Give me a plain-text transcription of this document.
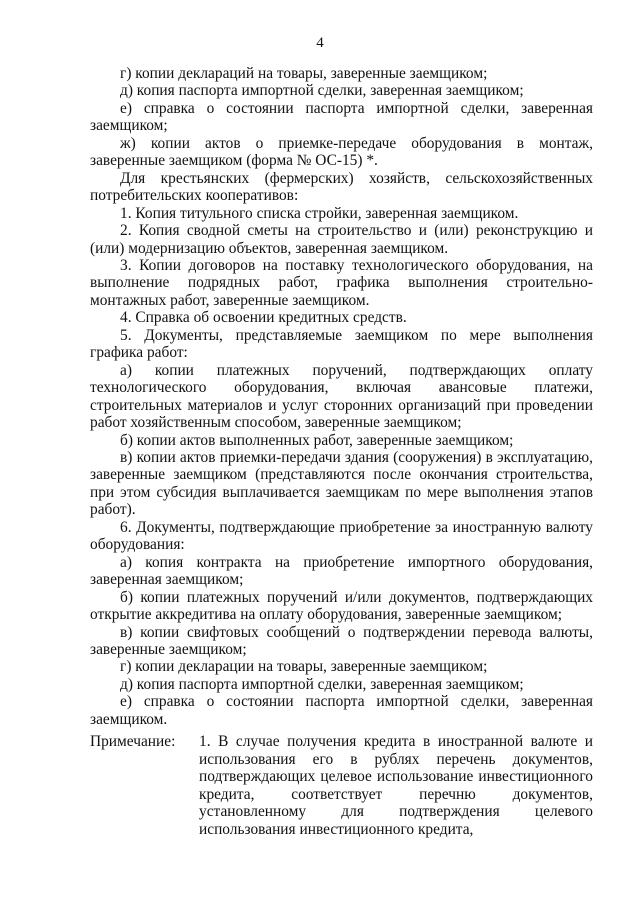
4

г) копии деклараций на товары, заверенные заемщиком;

д) копия паспорта импортной сделки, заверенная заемщиком;

е) справка о состоянии паспорта импортной сделки, заверенная заемщиком;

ж) копии актов о приемке-передаче оборудования в монтаж, заверенные заемщиком (форма № ОС-15) *.

Для крестьянских (фермерских) хозяйств, сельскохозяйственных потребительских кооперативов:

1. Копия титульного списка стройки, заверенная заемщиком.

2. Копия сводной сметы на строительство и (или) реконструкцию и (или) модернизацию объектов, заверенная заемщиком.

3. Копии договоров на поставку технологического оборудования, на выполнение подрядных работ, графика выполнения строительно-монтажных работ, заверенные заемщиком.

4. Справка об освоении кредитных средств.

5. Документы, представляемые заемщиком по мере выполнения графика работ:

а) копии платежных поручений, подтверждающих оплату технологического оборудования, включая авансовые платежи, строительных материалов и услуг сторонних организаций при проведении работ хозяйственным способом, заверенные заемщиком;

б) копии актов выполненных работ, заверенные заемщиком;

в) копии актов приемки-передачи здания (сооружения) в эксплуатацию, заверенные заемщиком (представляются после окончания строительства, при этом субсидия выплачивается заемщикам по мере выполнения этапов работ).

6. Документы, подтверждающие приобретение за иностранную валюту оборудования:

а) копия контракта на приобретение импортного оборудования, заверенная заемщиком;

б) копии платежных поручений и/или документов, подтверждающих открытие аккредитива на оплату оборудования, заверенные заемщиком;

в) копии свифтовых сообщений о подтверждении перевода валюты, заверенные заемщиком;

г) копии декларации на товары, заверенные заемщиком;

д) копия паспорта импортной сделки, заверенная заемщиком;

е) справка о состоянии паспорта импортной сделки, заверенная заемщиком.

Примечание:	1. В случае получения кредита в иностранной валюте и использования его в рублях перечень документов, подтверждающих целевое использование инвестиционного кредита, соответствует перечню документов, установленному для подтверждения целевого использования инвестиционного кредита,
